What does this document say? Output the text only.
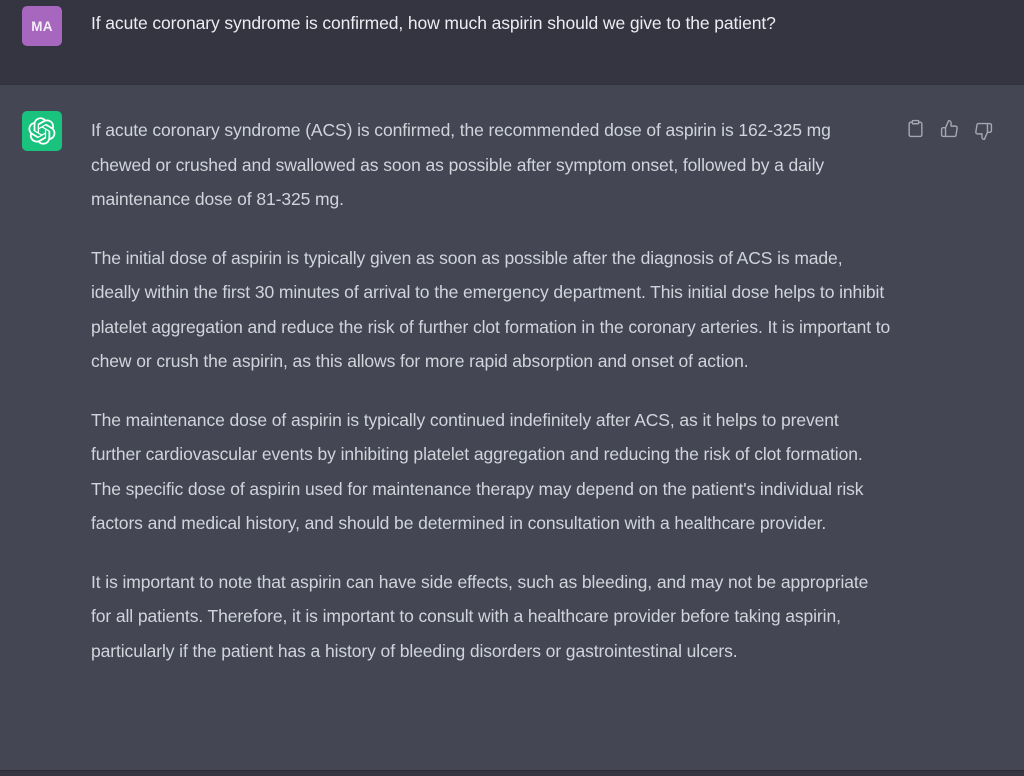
MA If acute coronary syndrome is confirmed, how much aspirin should we give to the patient?

If acute coronary syndrome (ACS) is confirmed, the recommended dose of aspirin is 162-325 mg chewed or crushed and swallowed as soon as possible after symptom onset, followed by a daily maintenance dose of 81-325 mg.

The initial dose of aspirin is typically given as soon as possible after the diagnosis of ACS is made, ideally within the first 30 minutes of arrival to the emergency department. This initial dose helps to inhibit platelet aggregation and reduce the risk of further clot formation in the coronary arteries. It is important to chew or crush the aspirin, as this allows for more rapid absorption and onset of action.

The maintenance dose of aspirin is typically continued indefinitely after ACS, as it helps to prevent further cardiovascular events by inhibiting platelet aggregation and reducing the risk of clot formation. The specific dose of aspirin used for maintenance therapy may depend on the patient's individual risk factors and medical history, and should be determined in consultation with a healthcare provider.

It is important to note that aspirin can have side effects, such as bleeding, and may not be appropriate for all patients. Therefore, it is important to consult with a healthcare provider before taking aspirin, particularly if the patient has a history of bleeding disorders or gastrointestinal ulcers.
